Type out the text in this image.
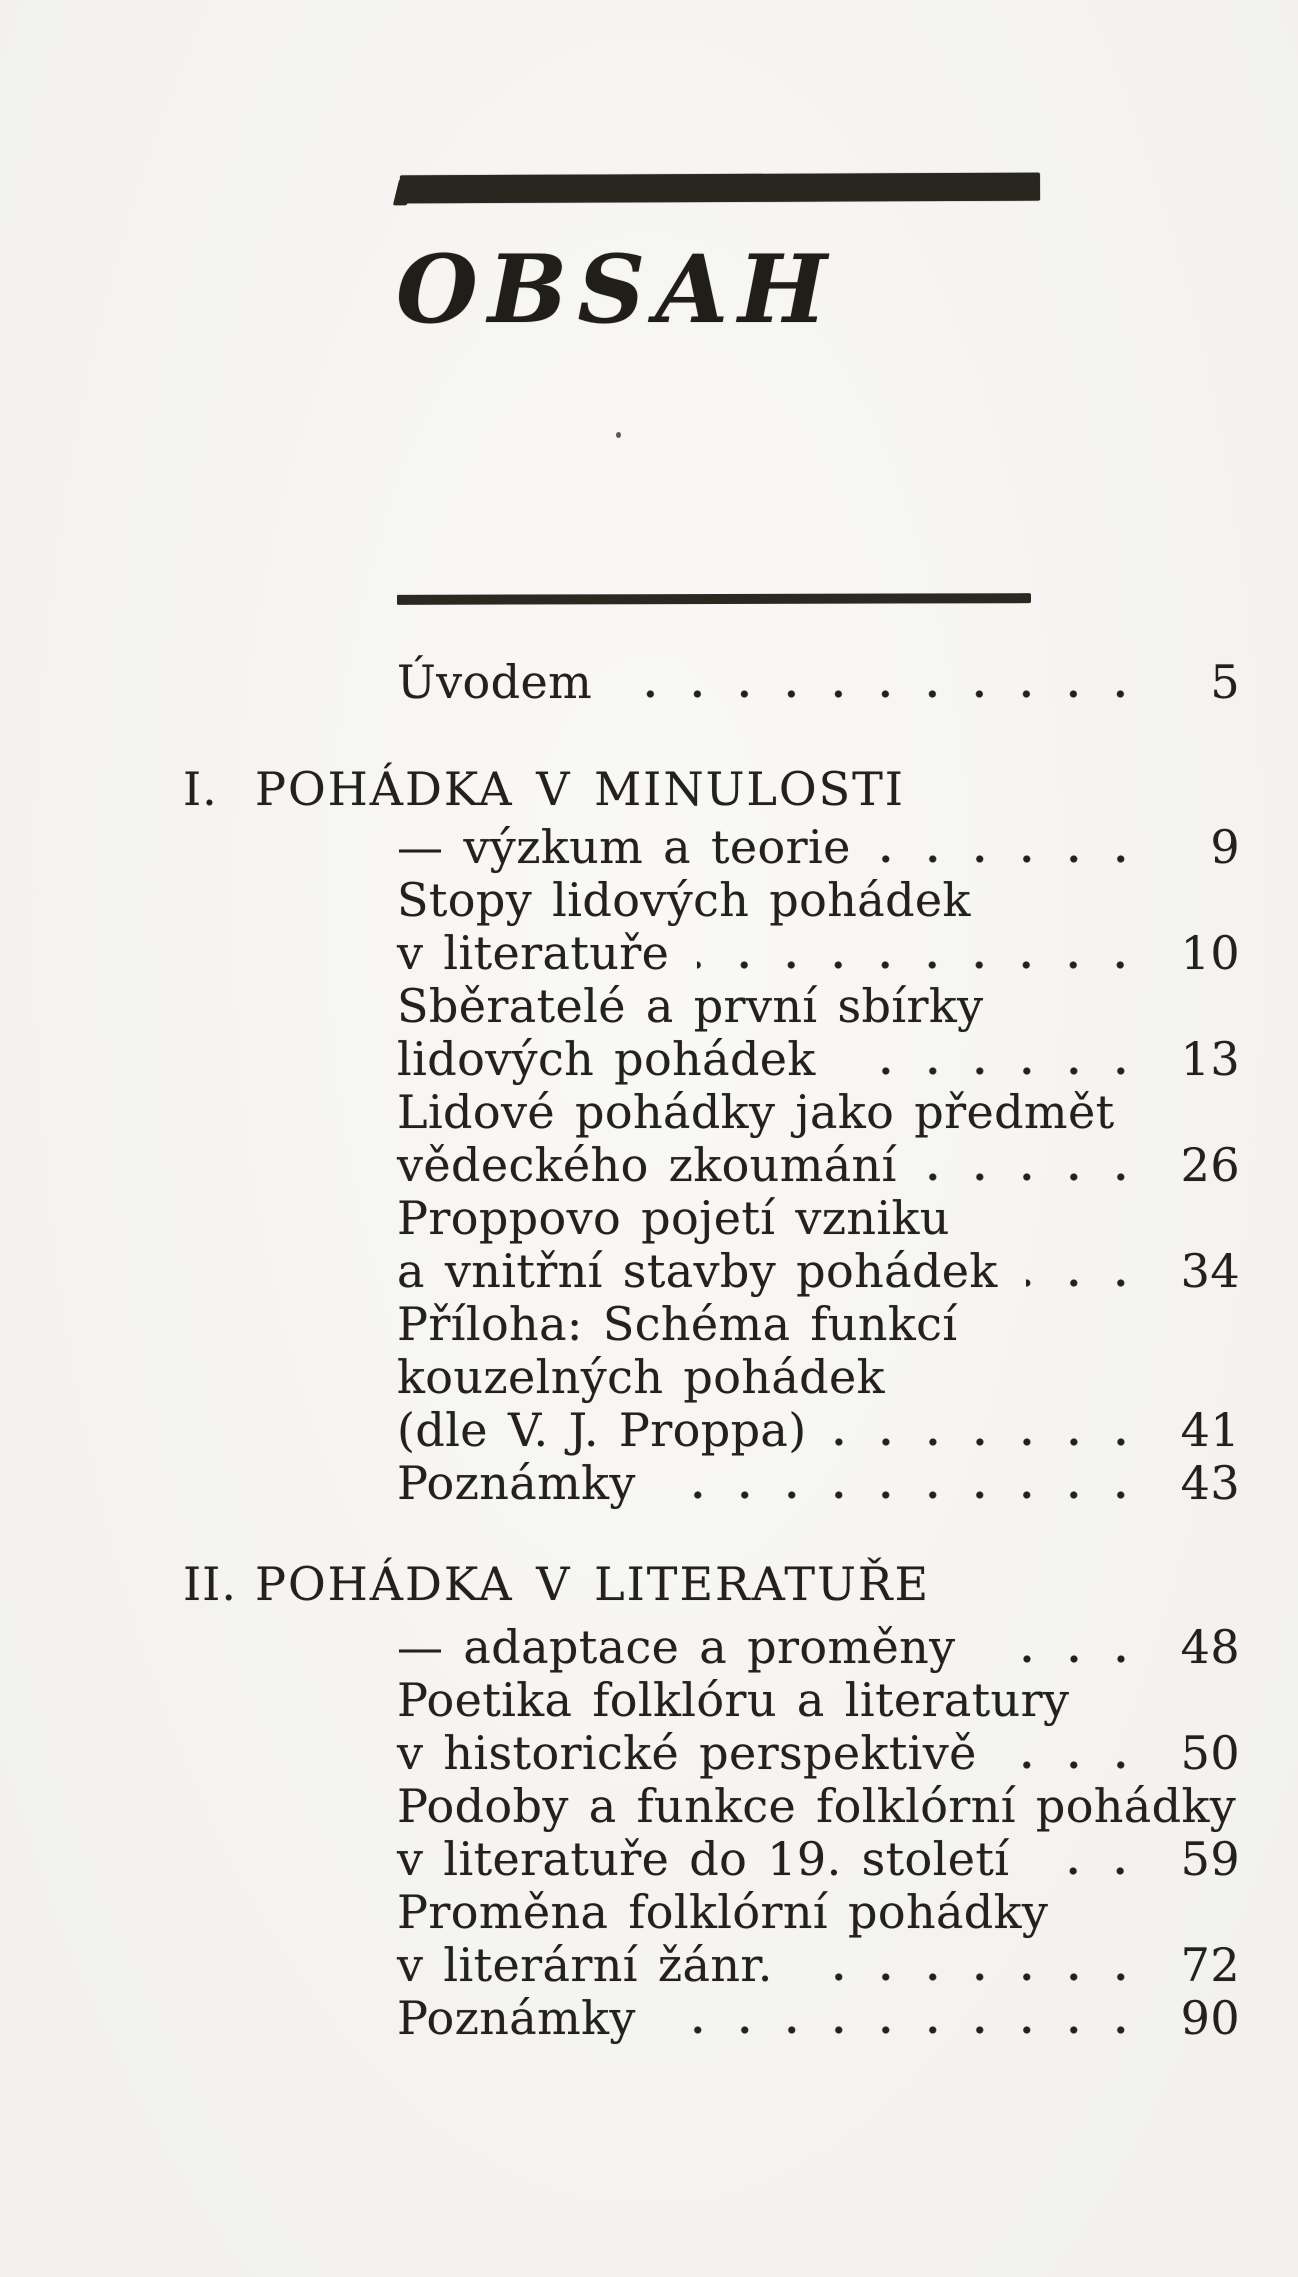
OBSAH
Úvodem	5
I. POHÁDKA V MINULOSTI
— výzkum a teorie	9
Stopy lidových pohádek
v literatuře	10
Sběratelé a první sbírky
lidových pohádek	13
Lidové pohádky jako předmět
vědeckého zkoumání	26
Proppovo pojetí vzniku
a vnitřní stavby pohádek	34
Příloha: Schéma funkcí
kouzelných pohádek
(dle V. J. Proppa)	41
Poznámky	43
II. POHÁDKA V LITERATUŘE
— adaptace a proměny	48
Poetika folklóru a literatury
v historické perspektivě	50
Podoby a funkce folklórní pohádky
v literatuře do 19. století	59
Proměna folklórní pohádky
v literární žánr.	72
Poznámky	90
